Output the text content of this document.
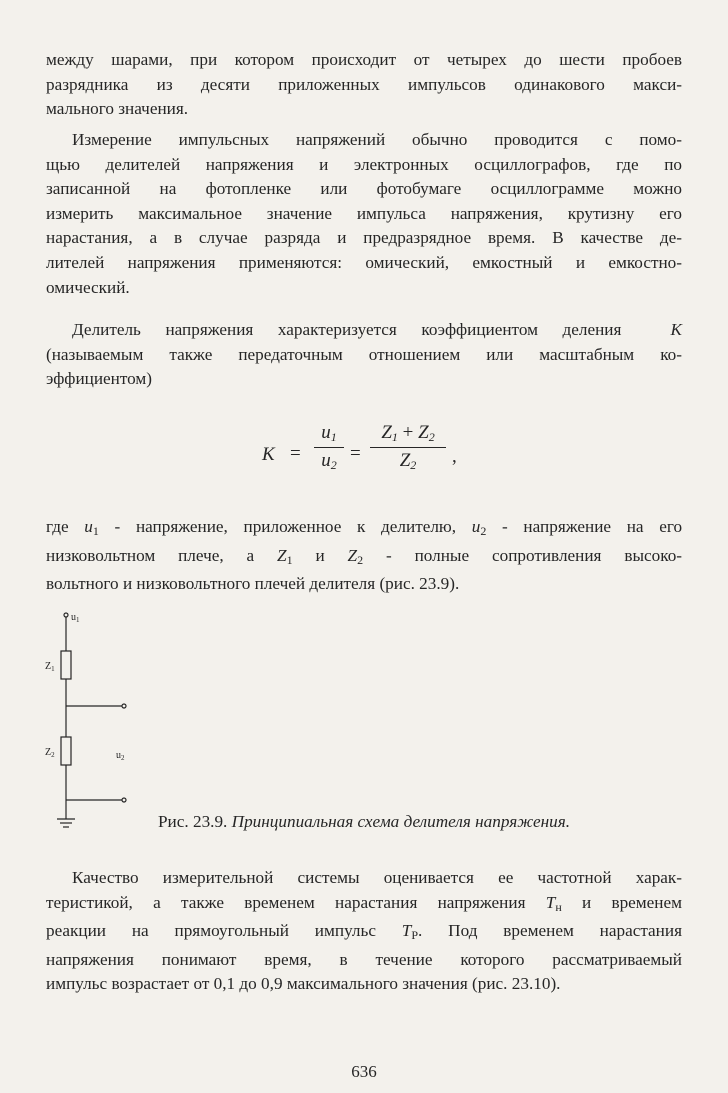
между шарами, при котором происходит от четырех до шести пробоев
разрядника из десяти приложенных импульсов одинакового макси-
мального значения.

Измерение импульсных напряжений обычно проводится с помо-
щью делителей напряжения и электронных осциллографов, где по
записанной на фотопленке или фотобумаге осциллограмме можно
измерить максимальное значение импульса напряжения, крутизну его
нарастания, а в случае разряда и предразрядное время. В качестве де-
лителей напряжения применяются: омический, емкостный и емкостно-
омический.

Делитель напряжения характеризуется коэффициентом деления	K
(называемым также передаточным отношением или масштабным ко-
эффициентом)

K =
$u_1$
$u_2$
=
$Z_1 + Z_2$
$Z_2$	,

где $u_1$ - напряжение, приложенное к делителю, $u_2$ - напряжение на его
низковольтном плече, а $Z_1$ и $Z_2$ - полные сопротивления высоко-
вольтного и низковольтного плечей делителя (рис. 23.9).

$u_1$
$Z_1$
$Z_2$	$u_2$
Рис. 23.9. Принципиальная схема делителя напряжения.

Качество измерительной системы оценивается ее частотной харак-
теристикой, а также временем нарастания напряжения $T_н$ и временем
реакции на прямоугольный импульс $T_P$. Под временем нарастания
напряжения понимают время, в течение которого рассматриваемый
импульс возрастает от 0,1 до 0,9 максимального значения (рис. 23.10).

636
